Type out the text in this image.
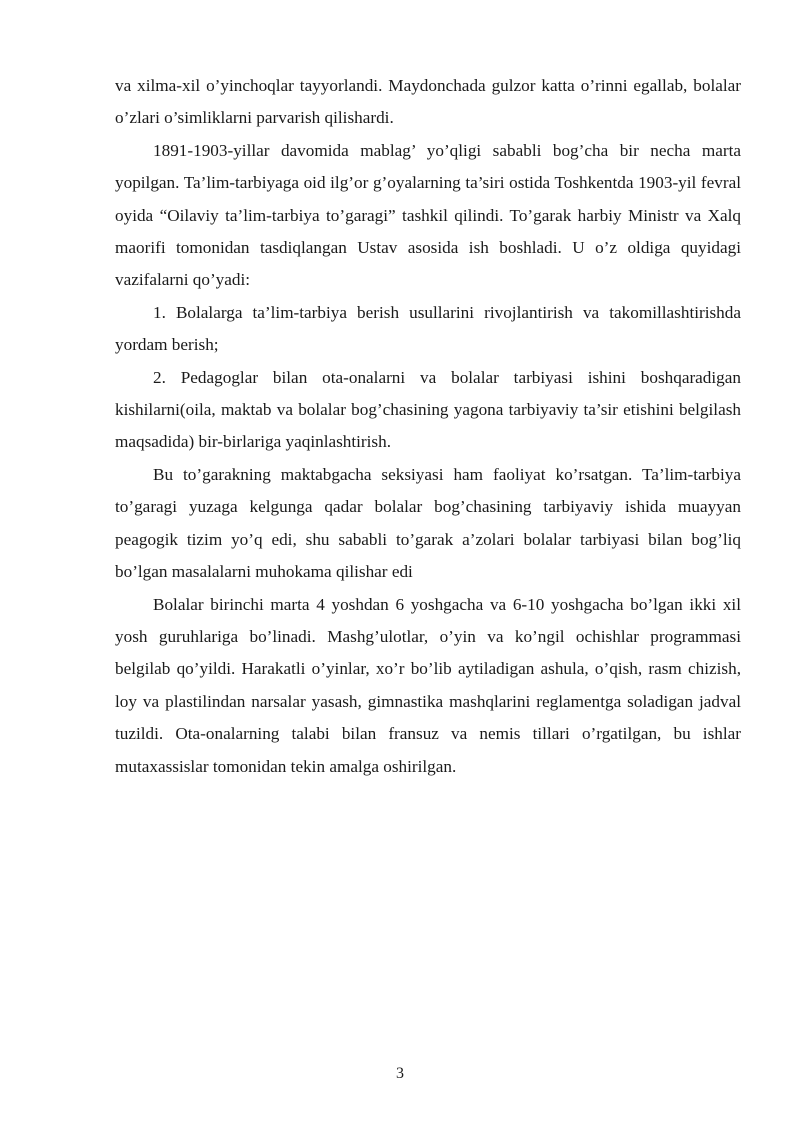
va xilma-xil o’yinchoqlar tayyorlandi. Maydonchada gulzor katta o’rinni egallab, bolalar o’zlari o’simliklarni parvarish qilishardi.

1891-1903-yillar davomida mablag’ yo’qligi sababli bog’cha bir necha marta yopilgan. Ta’lim-tarbiyaga oid ilg’or g’oyalarning ta’siri ostida Toshkentda 1903-yil fevral oyida “Oilaviy ta’lim-tarbiya to’garagi” tashkil qilindi. To’garak harbiy Ministr va Xalq maorifi tomonidan tasdiqlangan Ustav asosida ish boshladi. U o’z oldiga quyidagi vazifalarni qo’yadi:

1. Bolalarga ta’lim-tarbiya berish usullarini rivojlantirish va takomillashtirishda yordam berish;

2. Pedagoglar bilan ota-onalarni va bolalar tarbiyasi ishini boshqaradigan kishilarni(oila, maktab va bolalar bog’chasining yagona tarbiyaviy ta’sir etishini belgilash maqsadida) bir-birlariga yaqinlashtirish.

Bu to’garakning maktabgacha seksiyasi ham faoliyat ko’rsatgan. Ta’lim-tarbiya to’garagi yuzaga kelgunga qadar bolalar bog’chasining tarbiyaviy ishida muayyan peagogik tizim yo’q edi, shu sababli to’garak a’zolari bolalar tarbiyasi bilan bog’liq bo’lgan masalalarni muhokama qilishar edi

Bolalar birinchi marta 4 yoshdan 6 yoshgacha va 6-10 yoshgacha bo’lgan ikki xil yosh guruhlariga bo’linadi. Mashg’ulotlar, o’yin va ko’ngil ochishlar programmasi belgilab qo’yildi. Harakatli o’yinlar, xo’r bo’lib aytiladigan ashula, o’qish, rasm chizish, loy va plastilindan narsalar yasash, gimnastika mashqlarini reglamentga soladigan jadval tuzildi. Ota-onalarning talabi bilan fransuz va nemis tillari o’rgatilgan, bu ishlar mutaxassislar tomonidan tekin amalga oshirilgan.

3
